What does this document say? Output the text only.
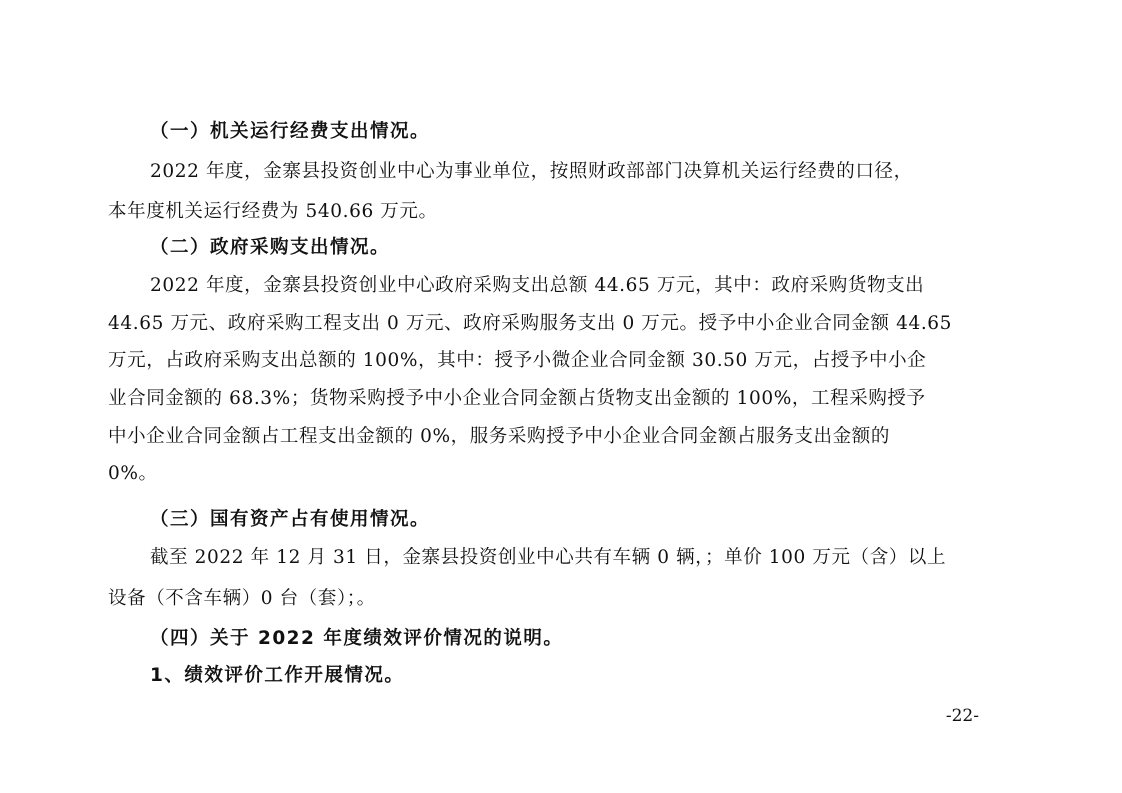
（一）机关运行经费支出情况。
2022 年度，金寨县投资创业中心为事业单位，按照财政部部门决算机关运行经费的口径，
本年度机关运行经费为 540.66 万元。
（二）政府采购支出情况。
2022 年度，金寨县投资创业中心政府采购支出总额 44.65 万元，其中：政府采购货物支出
44.65 万元、政府采购工程支出 0 万元、政府采购服务支出 0 万元。授予中小企业合同金额 44.65
万元，占政府采购支出总额的 100%，其中：授予小微企业合同金额 30.50 万元，占授予中小企
业合同金额的 68.3%；货物采购授予中小企业合同金额占货物支出金额的 100%，工程采购授予
中小企业合同金额占工程支出金额的 0%，服务采购授予中小企业合同金额占服务支出金额的
0%。
（三）国有资产占有使用情况。
截至 2022 年 12 月 31 日，金寨县投资创业中心共有车辆 0 辆，；单价 100 万元（含）以上
设备（不含车辆）0 台（套）；。
（四）关于 2022 年度绩效评价情况的说明。
1、绩效评价工作开展情况。
-22-
